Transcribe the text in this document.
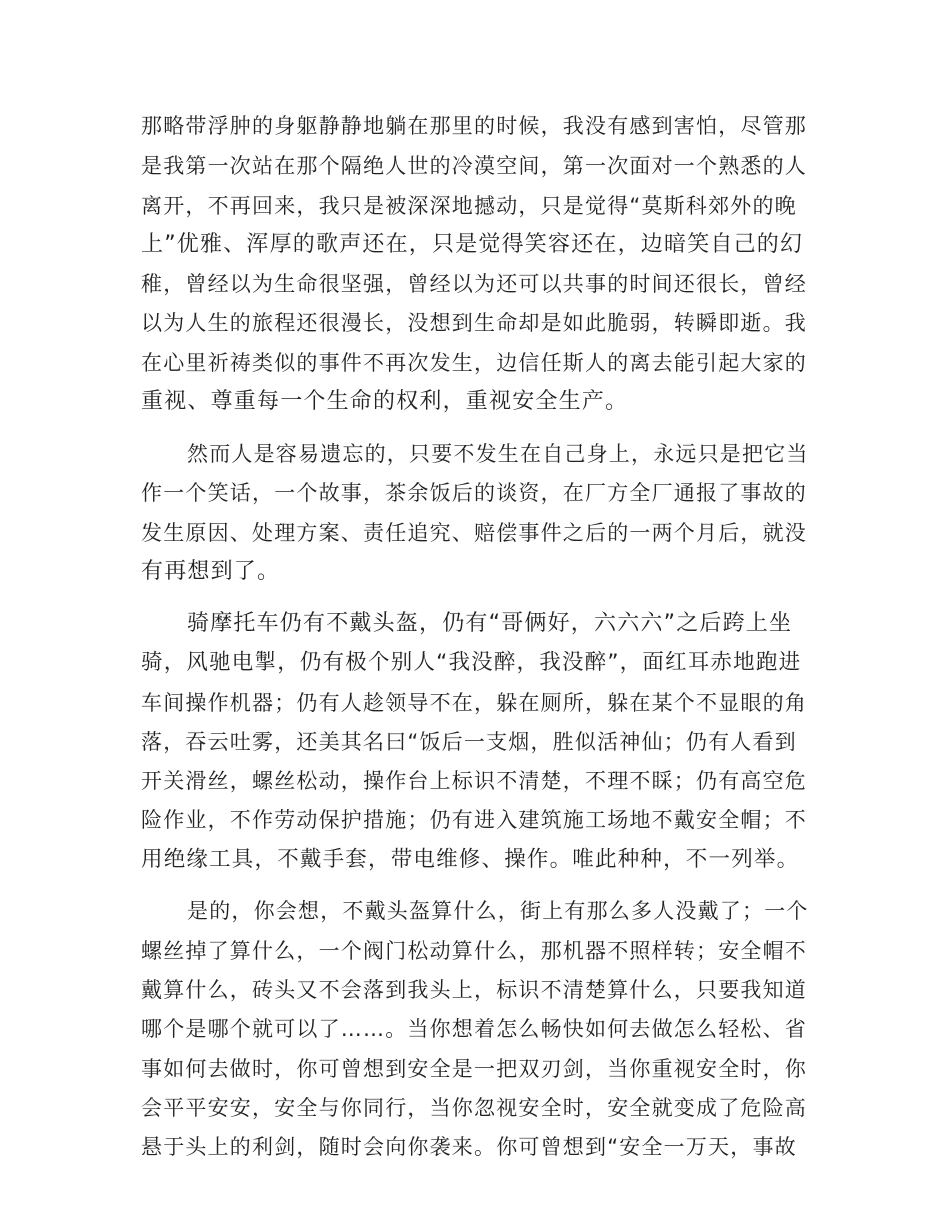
那略带浮肿的身躯静静地躺在那里的时候，我没有感到害怕，尽管那
是我第一次站在那个隔绝人世的冷漠空间，第一次面对一个熟悉的人
离开，不再回来，我只是被深深地撼动，只是觉得“莫斯科郊外的晚
上”优雅、浑厚的歌声还在，只是觉得笑容还在，边暗笑自己的幻
稚，曾经以为生命很坚强，曾经以为还可以共事的时间还很长，曾经
以为人生的旅程还很漫长，没想到生命却是如此脆弱，转瞬即逝。我
在心里祈祷类似的事件不再次发生，边信任斯人的离去能引起大家的
重视、尊重每一个生命的权利，重视安全生产。
然而人是容易遗忘的，只要不发生在自己身上，永远只是把它当
作一个笑话，一个故事，茶余饭后的谈资，在厂方全厂通报了事故的
发生原因、处理方案、责任追究、赔偿事件之后的一两个月后，就没
有再想到了。
骑摩托车仍有不戴头盔，仍有“哥俩好，六六六”之后跨上坐
骑，风驰电掣，仍有极个别人“我没醉，我没醉”，面红耳赤地跑进
车间操作机器；仍有人趁领导不在，躲在厕所，躲在某个不显眼的角
落，吞云吐雾，还美其名曰“饭后一支烟，胜似活神仙；仍有人看到
开关滑丝，螺丝松动，操作台上标识不清楚，不理不睬；仍有高空危
险作业，不作劳动保护措施；仍有进入建筑施工场地不戴安全帽；不
用绝缘工具，不戴手套，带电维修、操作。唯此种种，不一列举。
是的，你会想，不戴头盔算什么，街上有那么多人没戴了；一个
螺丝掉了算什么，一个阀门松动算什么，那机器不照样转；安全帽不
戴算什么，砖头又不会落到我头上，标识不清楚算什么，只要我知道
哪个是哪个就可以了……。当你想着怎么畅快如何去做怎么轻松、省
事如何去做时，你可曾想到安全是一把双刃剑，当你重视安全时，你
会平平安安，安全与你同行，当你忽视安全时，安全就变成了危险高
悬于头上的利剑，随时会向你袭来。你可曾想到“安全一万天，事故
